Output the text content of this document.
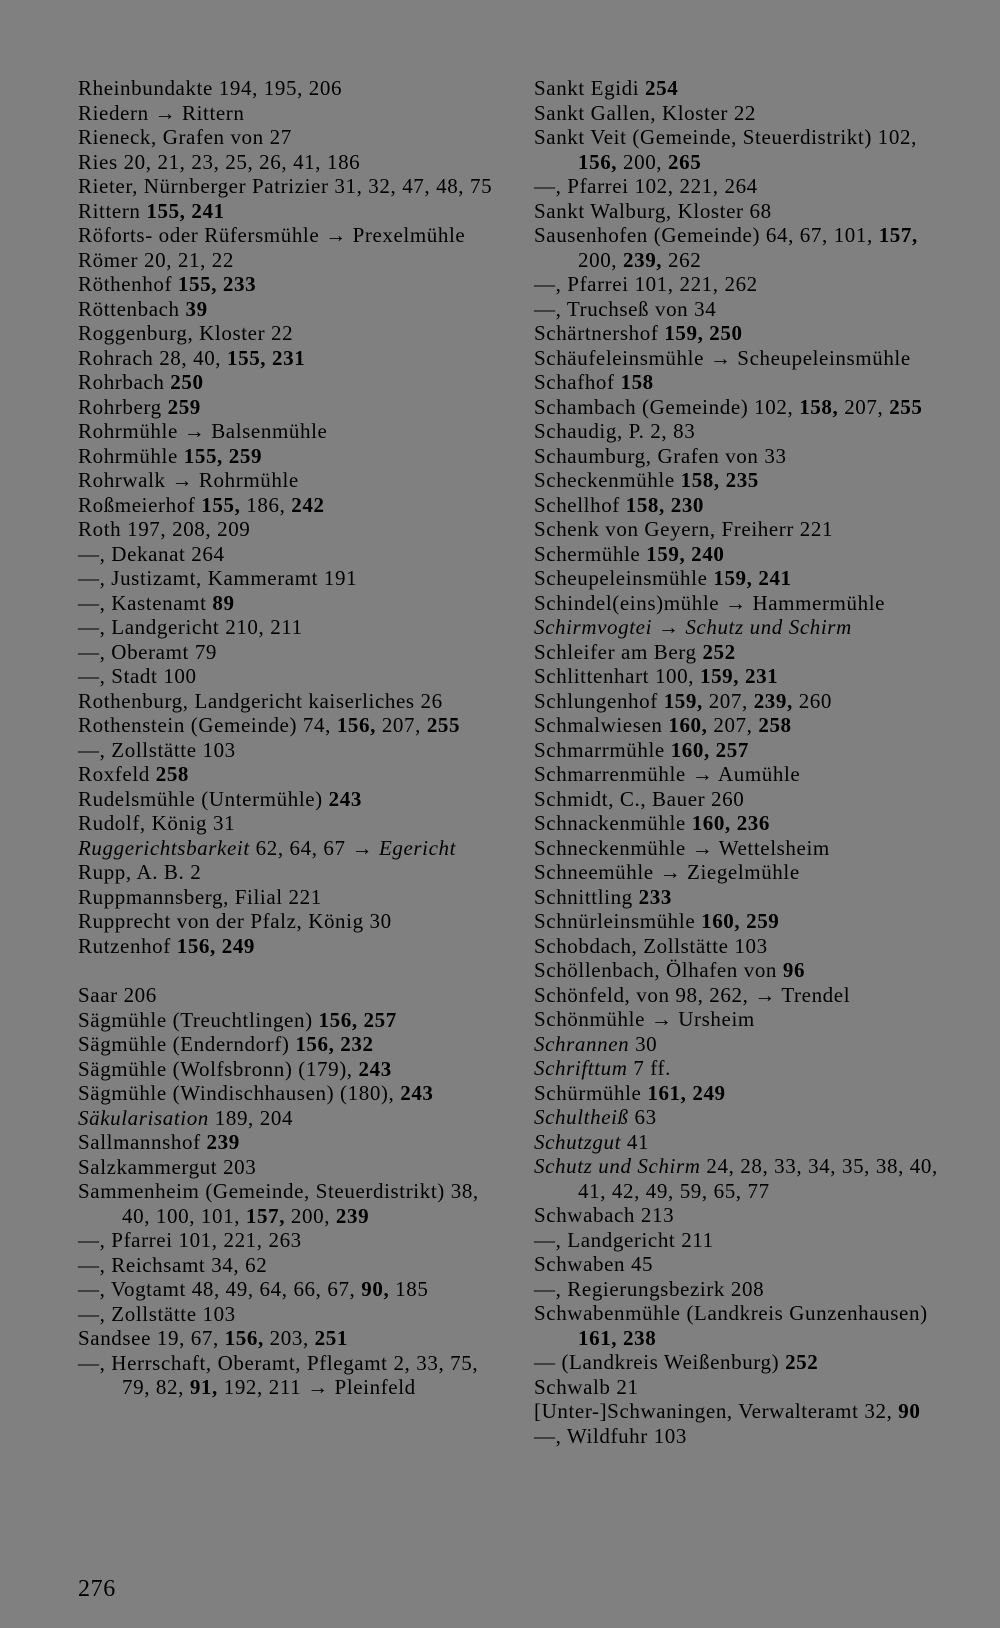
Rheinbundakte 194, 195, 206
Riedern → Rittern
Rieneck, Grafen von 27
Ries 20, 21, 23, 25, 26, 41, 186
Rieter, Nürnberger Patrizier 31, 32, 47, 48, 75
Rittern 155, 241
Röforts- oder Rüfersmühle → Prexelmühle
Römer 20, 21, 22
Röthenhof 155, 233
Röttenbach 39
Roggenburg, Kloster 22
Rohrach 28, 40, 155, 231
Rohrbach 250
Rohrberg 259
Rohrmühle → Balsenmühle
Rohrmühle 155, 259
Rohrwalk → Rohrmühle
Roßmeierhof 155, 186, 242
Roth 197, 208, 209
—, Dekanat 264
—, Justizamt, Kammeramt 191
—, Kastenamt 89
—, Landgericht 210, 211
—, Oberamt 79
—, Stadt 100
Rothenburg, Landgericht kaiserliches 26
Rothenstein (Gemeinde) 74, 156, 207, 255
—, Zollstätte 103
Roxfeld 258
Rudelsmühle (Untermühle) 243
Rudolf, König 31
Ruggerichtsbarkeit 62, 64, 67 → Egericht
Rupp, A. B. 2
Ruppmannsberg, Filial 221
Rupprecht von der Pfalz, König 30
Rutzenhof 156, 249
Saar 206
Sägmühle (Treuchtlingen) 156, 257
Sägmühle (Enderndorf) 156, 232
Sägmühle (Wolfsbronn) (179), 243
Sägmühle (Windischhausen) (180), 243
Säkularisation 189, 204
Sallmannshof 239
Salzkammergut 203
Sammenheim (Gemeinde, Steuerdistrikt) 38, 40, 100, 101, 157, 200, 239
—, Pfarrei 101, 221, 263
—, Reichsamt 34, 62
—, Vogtamt 48, 49, 64, 66, 67, 90, 185
—, Zollstätte 103
Sandsee 19, 67, 156, 203, 251
—, Herrschaft, Oberamt, Pflegamt 2, 33, 75, 79, 82, 91, 192, 211 → Pleinfeld
Sankt Egidi 254
Sankt Gallen, Kloster 22
Sankt Veit (Gemeinde, Steuerdistrikt) 102, 156, 200, 265
—, Pfarrei 102, 221, 264
Sankt Walburg, Kloster 68
Sausenhofen (Gemeinde) 64, 67, 101, 157, 200, 239, 262
—, Pfarrei 101, 221, 262
—, Truchseß von 34
Schärtnershof 159, 250
Schäufeleinsmühle → Scheupeleinsmühle
Schafhof 158
Schambach (Gemeinde) 102, 158, 207, 255
Schaudig, P. 2, 83
Schaumburg, Grafen von 33
Scheckenmühle 158, 235
Schellhof 158, 230
Schenk von Geyern, Freiherr 221
Schermühle 159, 240
Scheupeleinsmühle 159, 241
Schindel(eins)mühle → Hammermühle
Schirmvogtei → Schutz und Schirm
Schleifer am Berg 252
Schlittenhart 100, 159, 231
Schlungenhof 159, 207, 239, 260
Schmalwiesen 160, 207, 258
Schmarrmühle 160, 257
Schmarrenmühle → Aumühle
Schmidt, C., Bauer 260
Schnackenmühle 160, 236
Schneckenmühle → Wettelsheim
Schneemühle → Ziegelmühle
Schnittling 233
Schnürleinsmühle 160, 259
Schobdach, Zollstätte 103
Schöllenbach, Ölhafen von 96
Schönfeld, von 98, 262, → Trendel
Schönmühle → Ursheim
Schrannen 30
Schrifttum 7 ff.
Schürmühle 161, 249
Schultheiß 63
Schutzgut 41
Schutz und Schirm 24, 28, 33, 34, 35, 38, 40, 41, 42, 49, 59, 65, 77
Schwabach 213
—, Landgericht 211
Schwaben 45
—, Regierungsbezirk 208
Schwabenmühle (Landkreis Gunzenhausen) 161, 238
— (Landkreis Weißenburg) 252
Schwalb 21
[Unter-]Schwaningen, Verwalteramt 32, 90
—, Wildfuhr 103
276
